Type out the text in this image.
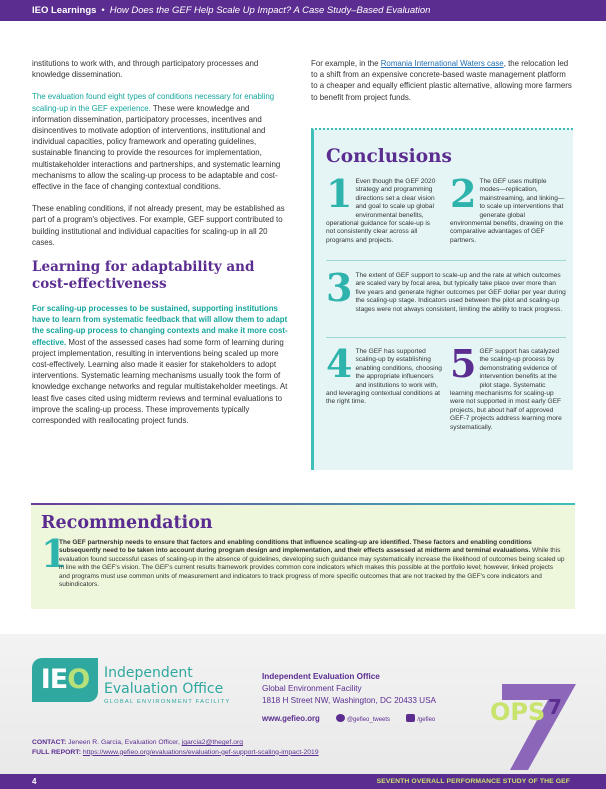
IEO Learnings • How Does the GEF Help Scale Up Impact? A Case Study–Based Evaluation

institutions to work with, and through participatory processes and knowledge dissemination.

The evaluation found eight types of conditions necessary for enabling scaling-up in the GEF experience. These were knowledge and information dissemination, participatory processes, incentives and disincentives to motivate adoption of interventions, institutional and individual capacities, policy framework and operating guidelines, sustainable financing to provide the resources for implementation, multistakeholder interactions and partnerships, and systematic learning mechanisms to allow the scaling-up process to be adaptable and cost-effective in the face of changing contextual conditions.

These enabling conditions, if not already present, may be established as part of a program's objectives. For example, GEF support contributed to building institutional and individual capacities for scaling-up in all 20 cases.

Learning for adaptability and cost-effectiveness

For scaling-up processes to be sustained, supporting institutions have to learn from systematic feedback that will allow them to adapt the scaling-up process to changing contexts and make it more cost-effective. Most of the assessed cases had some form of learning during project implementation, resulting in interventions being scaled up more cost-effectively. Learning also made it easier for stakeholders to adopt interventions. Systematic learning mechanisms usually took the form of knowledge exchange networks and regular multistakeholder meetings. At least five cases cited using midterm reviews and terminal evaluations to improve the scaling-up process. These improvements typically corresponded with reallocating project funds.

For example, in the Romania International Waters case, the relocation led to a shift from an expensive concrete-based waste management platform to a cheaper and equally efficient plastic alternative, allowing more farmers to benefit from project funds.
Conclusions
1 Even though the GEF 2020 strategy and programming directions set a clear vision and goal to scale up global environmental benefits, operational guidance for scale-up is not consistently clear across all programs and projects.
2 The GEF uses multiple modes—replication, mainstreaming, and linking—to scale up interventions that generate global environmental benefits, drawing on the comparative advantages of GEF partners.
3 The extent of GEF support to scale-up and the rate at which outcomes are scaled vary by focal area, but typically take place over more than five years and generate higher outcomes per GEF dollar per year during the scaling-up stage. Indicators used between the pilot and scaling-up stages were not always consistent, limiting the ability to track progress.
4 The GEF has supported scaling-up by establishing enabling conditions, choosing the appropriate influencers and institutions to work with, and leveraging contextual conditions at the right time.
5 GEF support has catalyzed the scaling-up process by demonstrating evidence of intervention benefits at the pilot stage. Systematic learning mechanisms for scaling-up were not supported in most early GEF projects, but about half of approved GEF-7 projects address learning more systematically.
Recommendation
1
The GEF partnership needs to ensure that factors and enabling conditions that influence scaling-up are identified. These factors and enabling conditions subsequently need to be taken into account during program design and implementation, and their effects assessed at midterm and terminal evaluations. While this evaluation found successful cases of scaling-up in the absence of guidelines, developing such guidance may systematically increase the likelihood of outcomes being scaled up in line with the GEF's vision. The GEF's current results framework provides common core indicators which makes this possible at the portfolio level; however, linked projects and programs must use common units of measurement and indicators to track progress of more specific outcomes that are not tracked by the GEF's core indicators and subindicators.
IEO	Independent
Evaluation Office
GLOBAL ENVIRONMENT FACILITY
Independent Evaluation Office
Global Environment Facility
1818 H Street NW, Washington, DC 20433 USA
www.gefieo.org	@gefieo_tweets	/gefieo OPS 7
CONTACT: Jeneen R. Garcia, Evaluation Officer, jgarcia2@thegef.org
FULL REPORT: https://www.gefieo.org/evaluations/evaluation-gef-support-scaling-impact-2019
4	SEVENTH OVERALL PERFORMANCE STUDY OF THE GEF
